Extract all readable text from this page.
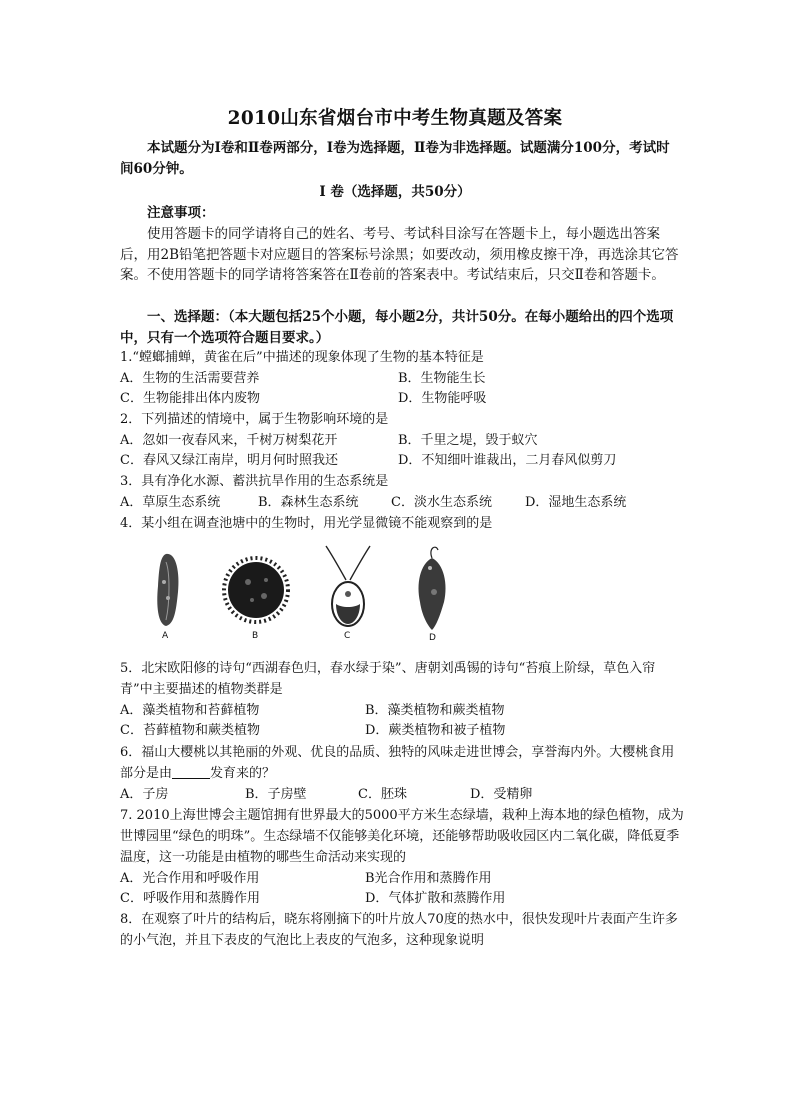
2010山东省烟台市中考生物真题及答案
本试题分为Ⅰ卷和Ⅱ卷两部分，Ⅰ卷为选择题，Ⅱ卷为非选择题。试题满分100分，考试时间60分钟。
Ⅰ 卷（选择题，共50分）
注意事项：
使用答题卡的同学请将自己的姓名、考号、考试科目涂写在答题卡上，每小题选出答案后，用2B铅笔把答题卡对应题目的答案标号涂黑；如要改动，须用橡皮擦干净，再选涂其它答案。不使用答题卡的同学请将答案答在Ⅱ卷前的答案表中。考试结束后，只交Ⅱ卷和答题卡。
一、选择题：（本大题包括25个小题，每小题2分，共计50分。在每小题给出的四个选项中，只有一个选项符合题目要求。）
1.“螳螂捕蝉，黄雀在后”中描述的现象体现了生物的基本特征是
A．生物的生活需要营养	B．生物能生长
C．生物能排出体内废物	D．生物能呼吸
2．下列描述的情境中，属于生物影响环境的是
A．忽如一夜春风来，千树万树梨花开	B．千里之堤，毁于蚁穴
C．春风又绿江南岸，明月何时照我还	D．不知细叶谁裁出，二月春风似剪刀
3．具有净化水源、蓄洪抗旱作用的生态系统是
A．草原生态系统	B．森林生态系统 C．淡水生态系统	D．湿地生态系统
4．某小组在调查池塘中的生物时，用光学显微镜不能观察到的是
A	B	C	D
5．北宋欧阳修的诗句“西湖春色归，春水绿于染”、唐朝刘禹锡的诗句“苔痕上阶绿，草色入帘青”中主要描述的植物类群是
A．藻类植物和苔藓植物	B．藻类植物和蕨类植物
C．苔藓植物和蕨类植物	D．蕨类植物和被子植物
6．福山大樱桃以其艳丽的外观、优良的品质、独特的风味走进世博会，享誉海内外。大樱桃食用部分是由	发育来的？
A．子房	B．子房壁	C．胚珠	D．受精卵
7. 2010上海世博会主题馆拥有世界最大的5000平方米生态绿墙，栽种上海本地的绿色植物，成为世博园里“绿色的明珠”。生态绿墙不仅能够美化环境，还能够帮助吸收园区内二氧化碳，降低夏季温度，这一功能是由植物的哪些生命活动来实现的
A．光合作用和呼吸作用	B光合作用和蒸腾作用
C．呼吸作用和蒸腾作用	D．气体扩散和蒸腾作用
8．在观察了叶片的结构后，晓东将刚摘下的叶片放人70度的热水中，很快发现叶片表面产生许多的小气泡，并且下表皮的气泡比上表皮的气泡多，这种现象说明
